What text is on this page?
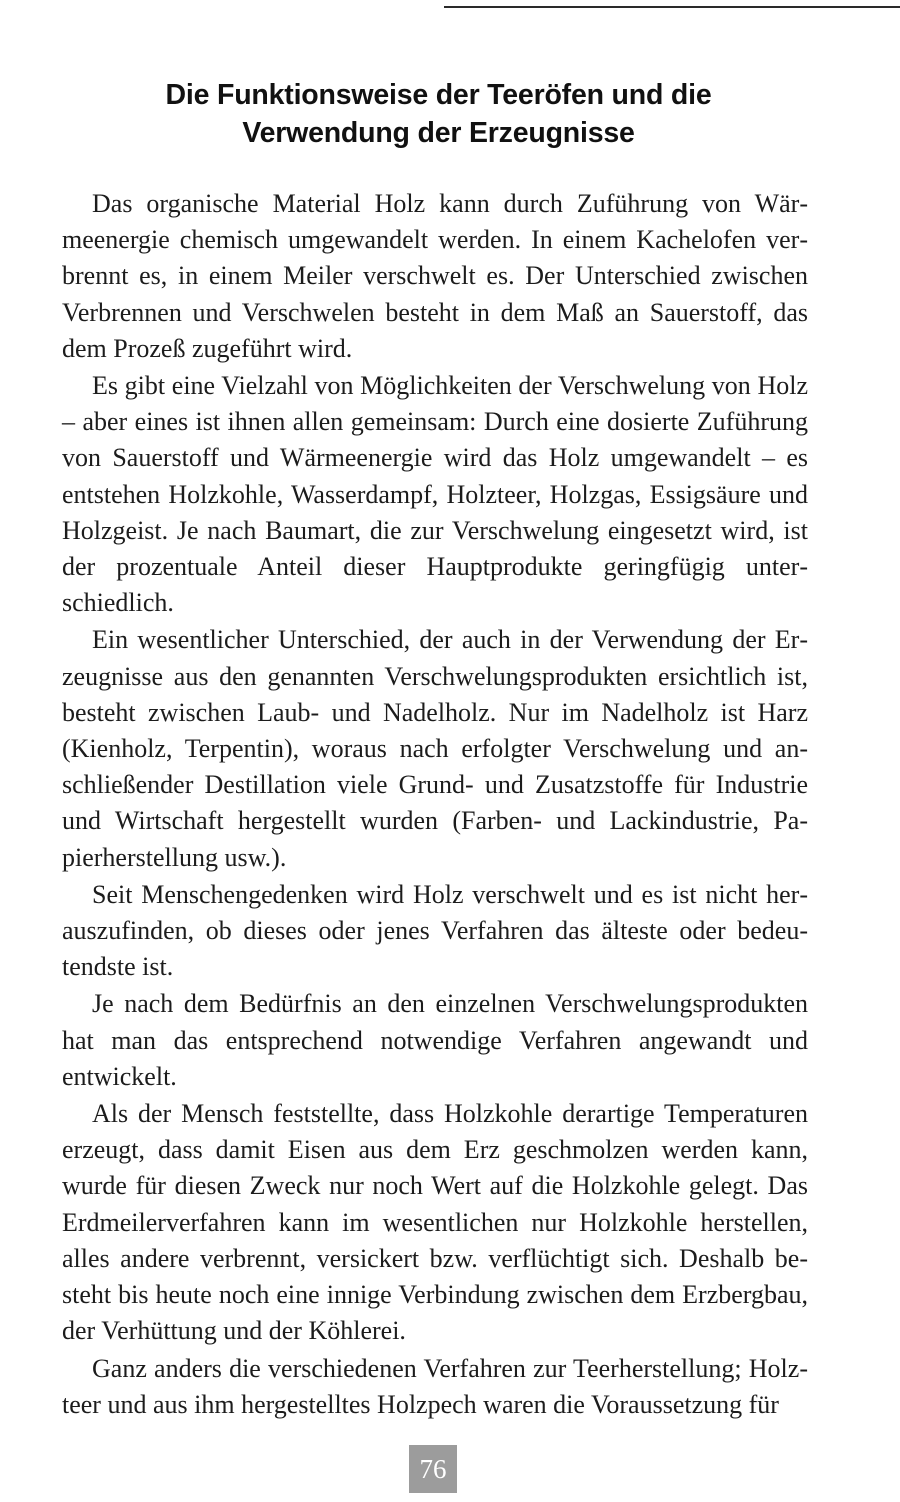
Die Funktionsweise der Teeröfen und die
Verwendung der Erzeugnisse

Das organische Material Holz kann durch Zuführung von Wärmeenergie chemisch umgewandelt werden. In einem Kachelofen verbrennt es, in einem Meiler verschwelt es. Der Unterschied zwischen Verbrennen und Verschwelen besteht in dem Maß an Sauerstoff, das dem Prozeß zugeführt wird.

Es gibt eine Vielzahl von Möglichkeiten der Verschwelung von Holz – aber eines ist ihnen allen gemeinsam: Durch eine dosierte Zuführung von Sauerstoff und Wärmeenergie wird das Holz umgewandelt – es entstehen Holzkohle, Wasserdampf, Holzteer, Holzgas, Essigsäure und Holzgeist. Je nach Baumart, die zur Verschwelung eingesetzt wird, ist der prozentuale Anteil dieser Hauptprodukte geringfügig unterschiedlich.

Ein wesentlicher Unterschied, der auch in der Verwendung der Erzeugnisse aus den genannten Verschwelungsprodukten ersichtlich ist, besteht zwischen Laub- und Nadelholz. Nur im Nadelholz ist Harz (Kienholz, Terpentin), woraus nach erfolgter Verschwelung und anschließender Destillation viele Grund- und Zusatzstoffe für Industrie und Wirtschaft hergestellt wurden (Farben- und Lackindustrie, Papierherstellung usw.).

Seit Menschengedenken wird Holz verschwelt und es ist nicht herauszufinden, ob dieses oder jenes Verfahren das älteste oder bedeutendste ist.

Je nach dem Bedürfnis an den einzelnen Verschwelungsprodukten hat man das entsprechend notwendige Verfahren angewandt und entwickelt.

Als der Mensch feststellte, dass Holzkohle derartige Temperaturen erzeugt, dass damit Eisen aus dem Erz geschmolzen werden kann, wurde für diesen Zweck nur noch Wert auf die Holzkohle gelegt. Das Erdmeilerverfahren kann im wesentlichen nur Holzkohle herstellen, alles andere verbrennt, versickert bzw. verflüchtigt sich. Deshalb besteht bis heute noch eine innige Verbindung zwischen dem Erzbergbau, der Verhüttung und der Köhlerei.

Ganz anders die verschiedenen Verfahren zur Teerherstellung; Holzteer und aus ihm hergestelltes Holzpech waren die Voraussetzung für

76
